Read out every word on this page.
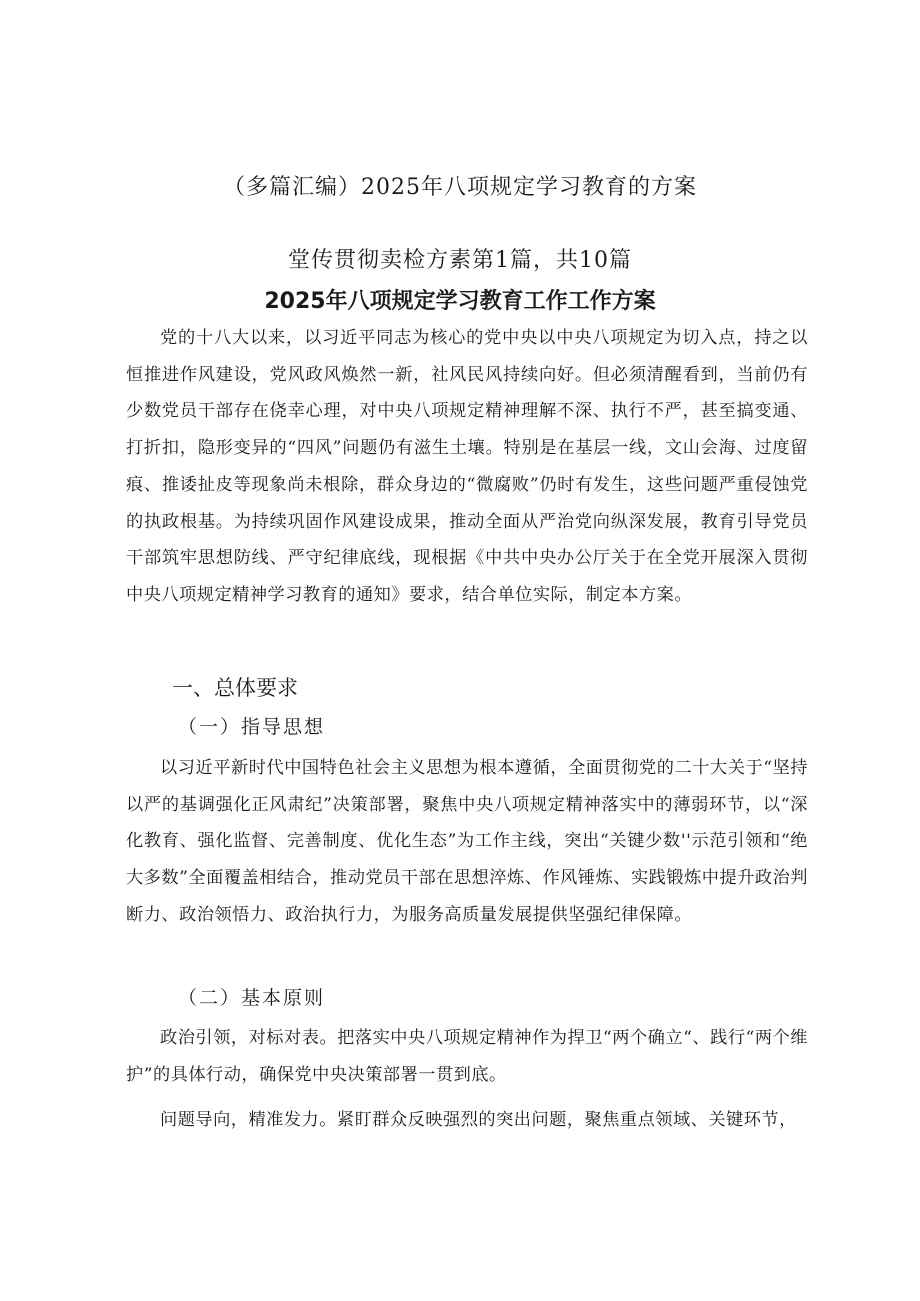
（多篇汇编）2025年八项规定学习教育的方案
堂传贯彻卖检方素第1篇，共10篇
2025年八项规定学习教育工作工作方案

党的十八大以来，以习近平同志为核心的党中央以中央八项规定为切入点，持之以恒推进作风建设，党风政风焕然一新，社风民风持续向好。但必须清醒看到，当前仍有少数党员干部存在侥幸心理，对中央八项规定精神理解不深、执行不严，甚至搞变通、打折扣，隐形变异的“四风”问题仍有滋生土壤。特别是在基层一线，文山会海、过度留痕、推诿扯皮等现象尚未根除，群众身边的“微腐败”仍时有发生，这些问题严重侵蚀党的执政根基。为持续巩固作风建设成果，推动全面从严治党向纵深发展，教育引导党员干部筑牢思想防线、严守纪律底线，现根据《中共中央办公厅关于在全党开展深入贯彻中央八项规定精神学习教育的通知》要求，结合单位实际，制定本方案。

一、总体要求
（一）指导思想

以习近平新时代中国特色社会主义思想为根本遵循，全面贯彻党的二十大关于“坚持以严的基调强化正风肃纪”决策部署，聚焦中央八项规定精神落实中的薄弱环节，以“深化教育、强化监督、完善制度、优化生态”为工作主线，突出“关键少数''示范引领和“绝大多数”全面覆盖相结合，推动党员干部在思想淬炼、作风锤炼、实践锻炼中提升政治判断力、政治领悟力、政治执行力，为服务高质量发展提供坚强纪律保障。

（二）基本原则

政治引领，对标对表。把落实中央八项规定精神作为捍卫“两个确立“、践行“两个维护”的具体行动，确保党中央决策部署一贯到底。

问题导向，精准发力。紧盯群众反映强烈的突出问题，聚焦重点领域、关键环节，
